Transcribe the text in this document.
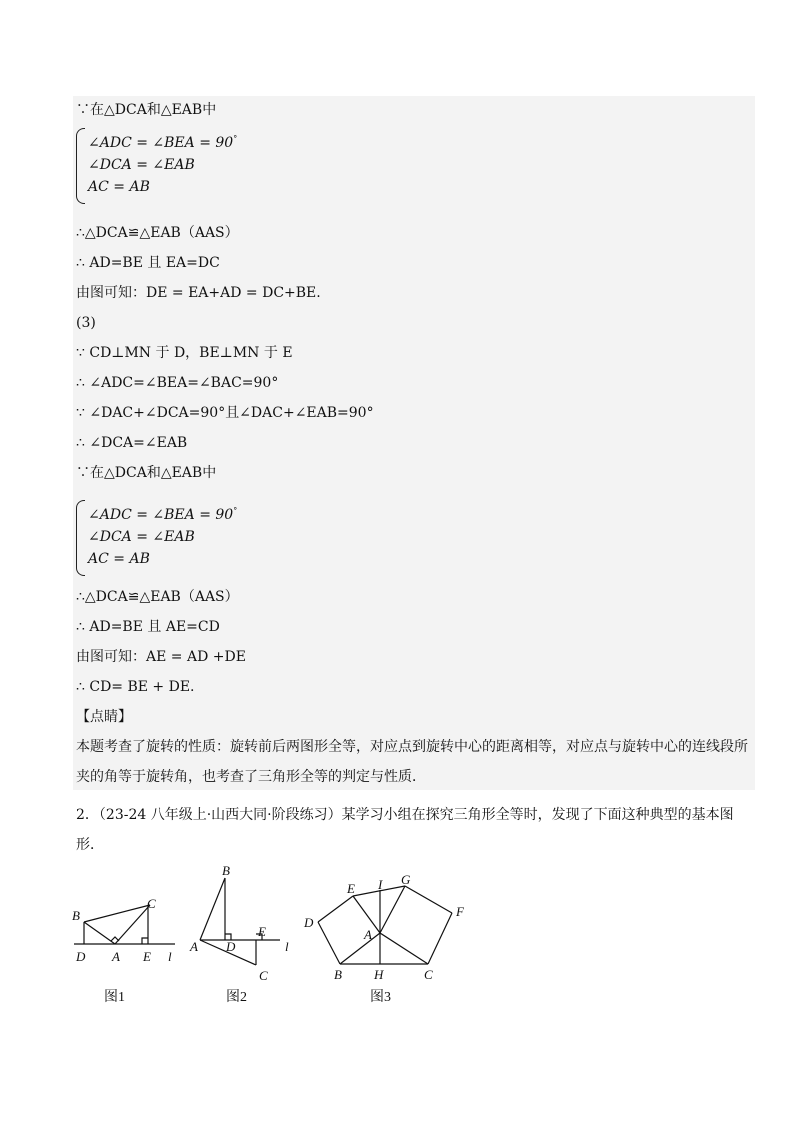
∵在△DCA和△EAB中
∠ADC = ∠BEA = 90°
∠DCA = ∠EAB
AC = AB
∴△DCA≌△EAB（AAS）
∴ AD=BE 且 EA=DC
由图可知：DE = EA+AD = DC+BE.
(3)
∵ CD⊥MN 于 D，BE⊥MN 于 E
∴ ∠ADC=∠BEA=∠BAC=90°
∵ ∠DAC+∠DCA=90°且∠DAC+∠EAB=90°
∴ ∠DCA=∠EAB
∵在△DCA和△EAB中
∠ADC = ∠BEA = 90°
∠DCA = ∠EAB
AC = AB
∴△DCA≌△EAB（AAS）
∴ AD=BE 且 AE=CD
由图可知：AE = AD +DE
∴ CD= BE + DE.
【点睛】
本题考查了旋转的性质：旋转前后两图形全等，对应点到旋转中心的距离相等，对应点与旋转中心的连线段所夹的角等于旋转角，也考查了三角形全等的判定与性质．
2．（23-24 八年级上·山西大同·阶段练习）某学习小组在探究三角形全等时，发现了下面这种典型的基本图形．
B
C
D A E l
图1
B
A D
E
l
C
图2
E I G
D
F
A
B H	C
图3
